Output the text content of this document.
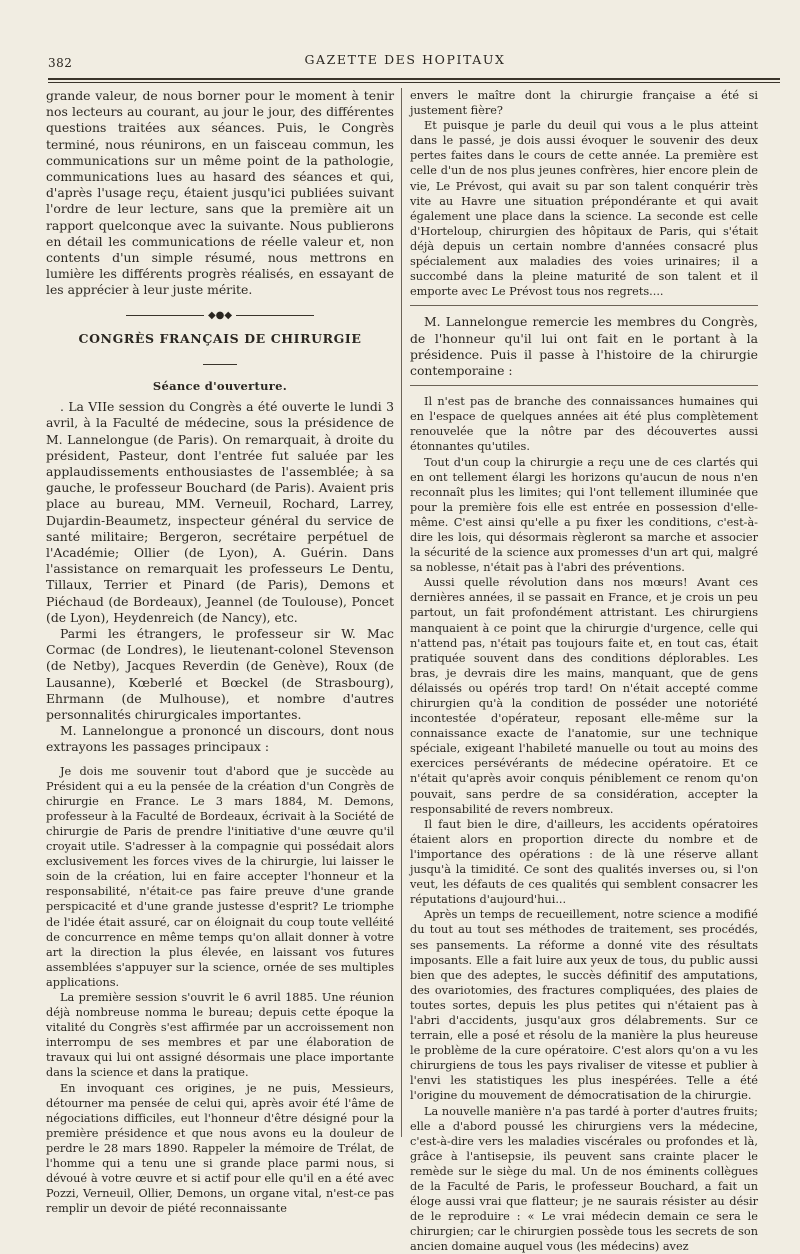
382	GAZETTE DES HOPITAUX

grande valeur, de nous borner pour le moment à tenir nos lecteurs au courant, au jour le jour, des différentes questions traitées aux séances. Puis, le Congrès terminé, nous réunirons, en un faisceau commun, les communications sur un même point de la pathologie, communications lues au hasard des séances et qui, d'après l'usage reçu, étaient jusqu'ici publiées suivant l'ordre de leur lecture, sans que la première ait un rapport quelconque avec la suivante. Nous publierons en détail les communications de réelle valeur et, non contents d'un simple résumé, nous mettrons en lumière les différents progrès réalisés, en essayant de les apprécier à leur juste mérite.

◆●◆
CONGRÈS FRANÇAIS DE CHIRURGIE
Séance d'ouverture.

. La VIIe session du Congrès a été ouverte le lundi 3 avril, à la Faculté de médecine, sous la présidence de M. Lannelongue (de Paris). On remarquait, à droite du président, Pasteur, dont l'entrée fut saluée par les applaudissements enthousiastes de l'assemblée; à sa gauche, le professeur Bouchard (de Paris). Avaient pris place au bureau, MM. Verneuil, Rochard, Larrey, Dujardin-Beaumetz, inspecteur général du service de santé militaire; Bergeron, secrétaire perpétuel de l'Académie; Ollier (de Lyon), A. Guérin. Dans l'assistance on remarquait les professeurs Le Dentu, Tillaux, Terrier et Pinard (de Paris), Demons et Piéchaud (de Bordeaux), Jeannel (de Toulouse), Poncet (de Lyon), Heydenreich (de Nancy), etc.

Parmi les étrangers, le professeur sir W. Mac Cormac (de Londres), le lieutenant-colonel Stevenson (de Netby), Jacques Reverdin (de Genève), Roux (de Lausanne), Kœberlé et Bœckel (de Strasbourg), Ehrmann (de Mulhouse), et nombre d'autres personnalités chirurgicales importantes.

M. Lannelongue a prononcé un discours, dont nous extrayons les passages principaux :

Je dois me souvenir tout d'abord que je succède au Président qui a eu la pensée de la création d'un Congrès de chirurgie en France. Le 3 mars 1884, M. Demons, professeur à la Faculté de Bordeaux, écrivait à la Société de chirurgie de Paris de prendre l'initiative d'une œuvre qu'il croyait utile. S'adresser à la compagnie qui possédait alors exclusivement les forces vives de la chirurgie, lui laisser le soin de la création, lui en faire accepter l'honneur et la responsabilité, n'était-ce pas faire preuve d'une grande perspicacité et d'une grande justesse d'esprit? Le triomphe de l'idée était assuré, car on éloignait du coup toute velléité de concurrence en même temps qu'on allait donner à votre art la direction la plus élevée, en laissant vos futures assemblées s'appuyer sur la science, ornée de ses multiples applications.

La première session s'ouvrit le 6 avril 1885. Une réunion déjà nombreuse nomma le bureau; depuis cette époque la vitalité du Congrès s'est affirmée par un accroissement non interrompu de ses membres et par une élaboration de travaux qui lui ont assigné désormais une place importante dans la science et dans la pratique.

En invoquant ces origines, je ne puis, Messieurs, détourner ma pensée de celui qui, après avoir été l'âme de négociations difficiles, eut l'honneur d'être désigné pour la première présidence et que nous avons eu la douleur de perdre le 28 mars 1890. Rappeler la mémoire de Trélat, de l'homme qui a tenu une si grande place parmi nous, si dévoué à votre œuvre et si actif pour elle qu'il en a été avec Pozzi, Verneuil, Ollier, Demons, un organe vital, n'est-ce pas remplir un devoir de piété reconnaissante

envers le maître dont la chirurgie française a été si justement fière?

Et puisque je parle du deuil qui vous a le plus atteint dans le passé, je dois aussi évoquer le souvenir des deux pertes faites dans le cours de cette année. La première est celle d'un de nos plus jeunes confrères, hier encore plein de vie, Le Prévost, qui avait su par son talent conquérir très vite au Havre une situation prépondérante et qui avait également une place dans la science. La seconde est celle d'Horteloup, chirurgien des hôpitaux de Paris, qui s'était déjà depuis un certain nombre d'années consacré plus spécialement aux maladies des voies urinaires; il a succombé dans la pleine maturité de son talent et il emporte avec Le Prévost tous nos regrets....

M. Lannelongue remercie les membres du Congrès, de l'honneur qu'il lui ont fait en le portant à la présidence. Puis il passe à l'histoire de la chirurgie contemporaine :

Il n'est pas de branche des connaissances humaines qui en l'espace de quelques années ait été plus complètement renouvelée que la nôtre par des découvertes aussi étonnantes qu'utiles.

Tout d'un coup la chirurgie a reçu une de ces clartés qui en ont tellement élargi les horizons qu'aucun de nous n'en reconnaît plus les limites; qui l'ont tellement illuminée que pour la première fois elle est entrée en possession d'elle-même. C'est ainsi qu'elle a pu fixer les conditions, c'est-à-dire les lois, qui désormais règleront sa marche et associer la sécurité de la science aux promesses d'un art qui, malgré sa noblesse, n'était pas à l'abri des préventions.

Aussi quelle révolution dans nos mœurs! Avant ces dernières années, il se passait en France, et je crois un peu partout, un fait profondément attristant. Les chirurgiens manquaient à ce point que la chirurgie d'urgence, celle qui n'attend pas, n'était pas toujours faite et, en tout cas, était pratiquée souvent dans des conditions déplorables. Les bras, je devrais dire les mains, manquant, que de gens délaissés ou opérés trop tard! On n'était accepté comme chirurgien qu'à la condition de posséder une notoriété incontestée d'opérateur, reposant elle-même sur la connaissance exacte de l'anatomie, sur une technique spéciale, exigeant l'habileté manuelle ou tout au moins des exercices persévérants de médecine opératoire. Et ce n'était qu'après avoir conquis péniblement ce renom qu'on pouvait, sans perdre de sa considération, accepter la responsabilité de revers nombreux.

Il faut bien le dire, d'ailleurs, les accidents opératoires étaient alors en proportion directe du nombre et de l'importance des opérations : de là une réserve allant jusqu'à la timidité. Ce sont des qualités inverses ou, si l'on veut, les défauts de ces qualités qui semblent consacrer les réputations d'aujourd'hui...

Après un temps de recueillement, notre science a modifié du tout au tout ses méthodes de traitement, ses procédés, ses pansements. La réforme a donné vite des résultats imposants. Elle a fait luire aux yeux de tous, du public aussi bien que des adeptes, le succès définitif des amputations, des ovariotomies, des fractures compliquées, des plaies de toutes sortes, depuis les plus petites qui n'étaient pas à l'abri d'accidents, jusqu'aux gros délabrements. Sur ce terrain, elle a posé et résolu de la manière la plus heureuse le problème de la cure opératoire. C'est alors qu'on a vu les chirurgiens de tous les pays rivaliser de vitesse et publier à l'envi les statistiques les plus inespérées. Telle a été l'origine du mouvement de démocratisation de la chirurgie.

La nouvelle manière n'a pas tardé à porter d'autres fruits; elle a d'abord poussé les chirurgiens vers la médecine, c'est-à-dire vers les maladies viscérales ou profondes et là, grâce à l'antisepsie, ils peuvent sans crainte placer le remède sur le siège du mal. Un de nos éminents collègues de la Faculté de Paris, le professeur Bouchard, a fait un éloge aussi vrai que flatteur; je ne saurais résister au désir de le reproduire : « Le vrai médecin demain ce sera le chirurgien; car le chirurgien possède tous les secrets de son ancien domaine auquel vous (les médecins) avez
